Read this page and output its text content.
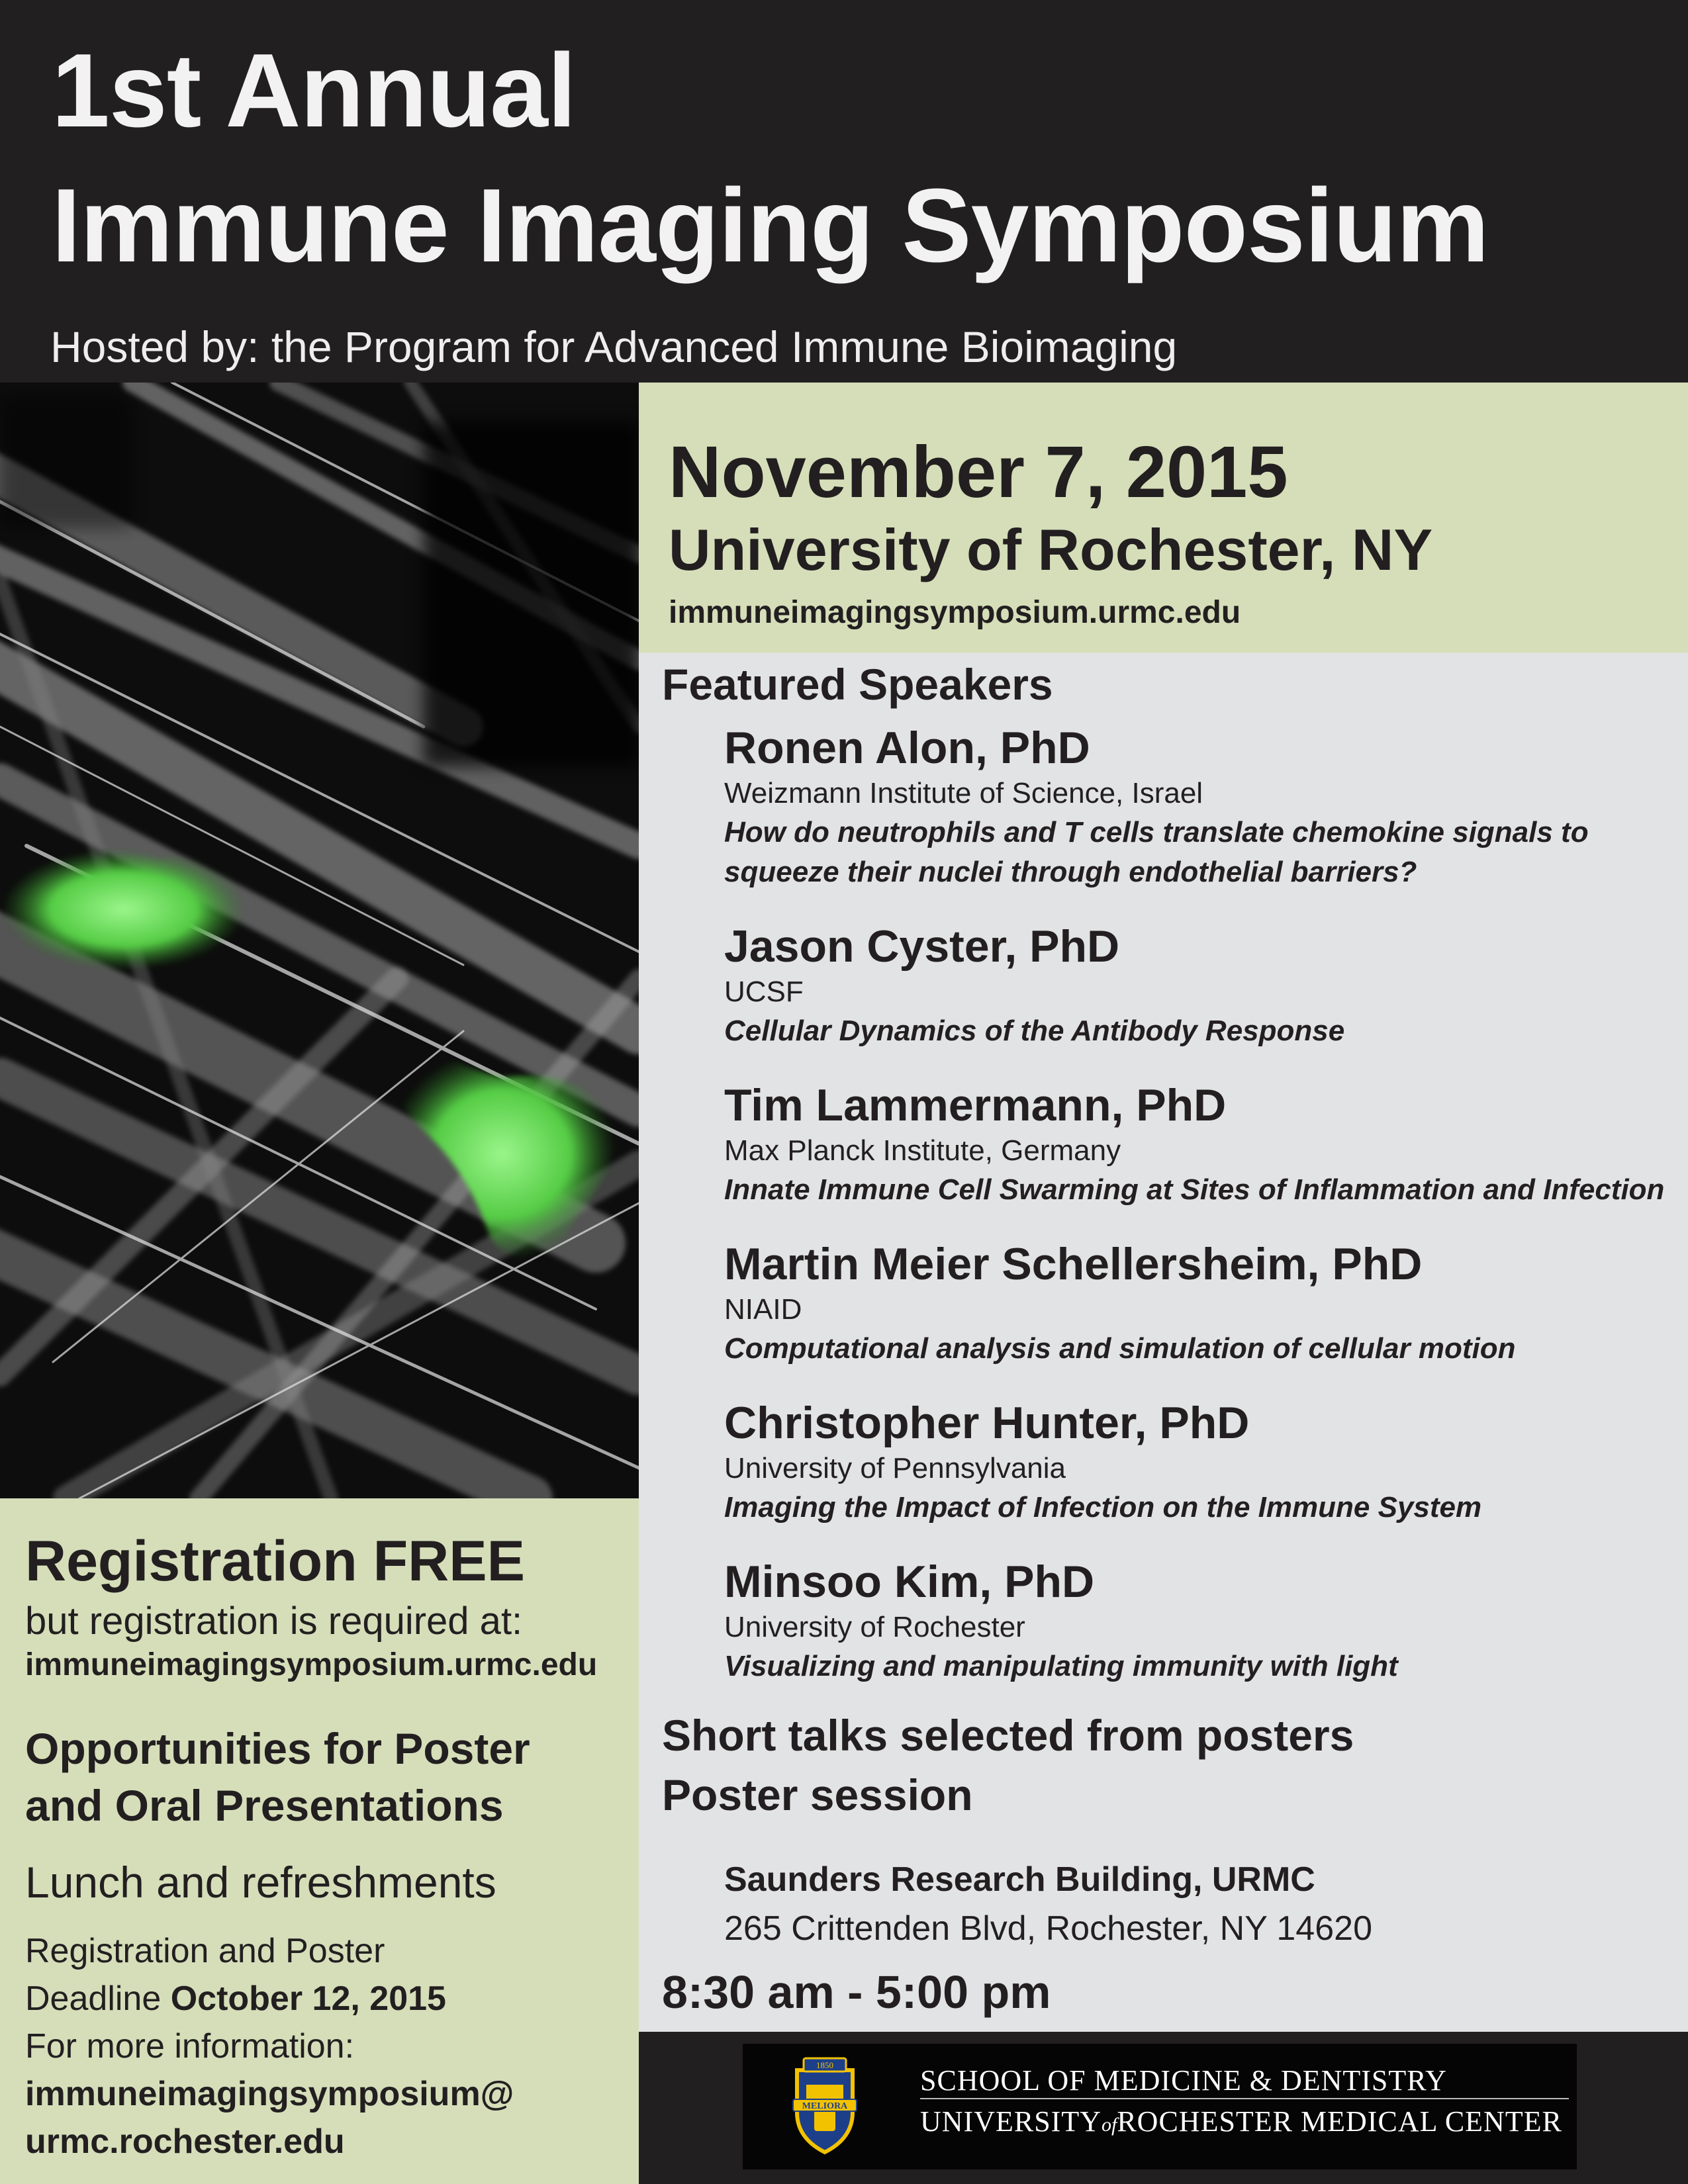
1st Annual
Immune Imaging Symposium
Hosted by: the Program for Advanced Immune Bioimaging
November 7, 2015
University of Rochester, NY
immuneimagingsymposium.urmc.edu
Featured Speakers
Ronen Alon, PhD
Weizmann Institute of Science, Israel
How do neutrophils and T cells translate chemokine signals to squeeze their nuclei through endothelial barriers?
Jason Cyster, PhD
UCSF
Cellular Dynamics of the Antibody Response
Tim Lammermann, PhD
Max Planck Institute, Germany
Innate Immune Cell Swarming at Sites of Inflammation and Infection
Martin Meier Schellersheim, PhD
NIAID
Computational analysis and simulation of cellular motion
Christopher Hunter, PhD
University of Pennsylvania
Imaging the Impact of Infection on the Immune System
Minsoo Kim, PhD
University of Rochester
Visualizing and manipulating immunity with light
Short talks selected from posters
Poster session
Saunders Research Building, URMC
265 Crittenden Blvd, Rochester, NY 14620
8:30 am - 5:00 pm
Registration FREE
but registration is required at:
immuneimagingsymposium.urmc.edu
Opportunities for Poster
and Oral Presentations
Lunch and refreshments
Registration and Poster
Deadline October 12, 2015
For more information:
immuneimagingsymposium@
urmc.rochester.edu
1850
MELIORA
SCHOOL OF MEDICINE & DENTISTRY
UNIVERSITYofROCHESTER MEDICAL CENTER
